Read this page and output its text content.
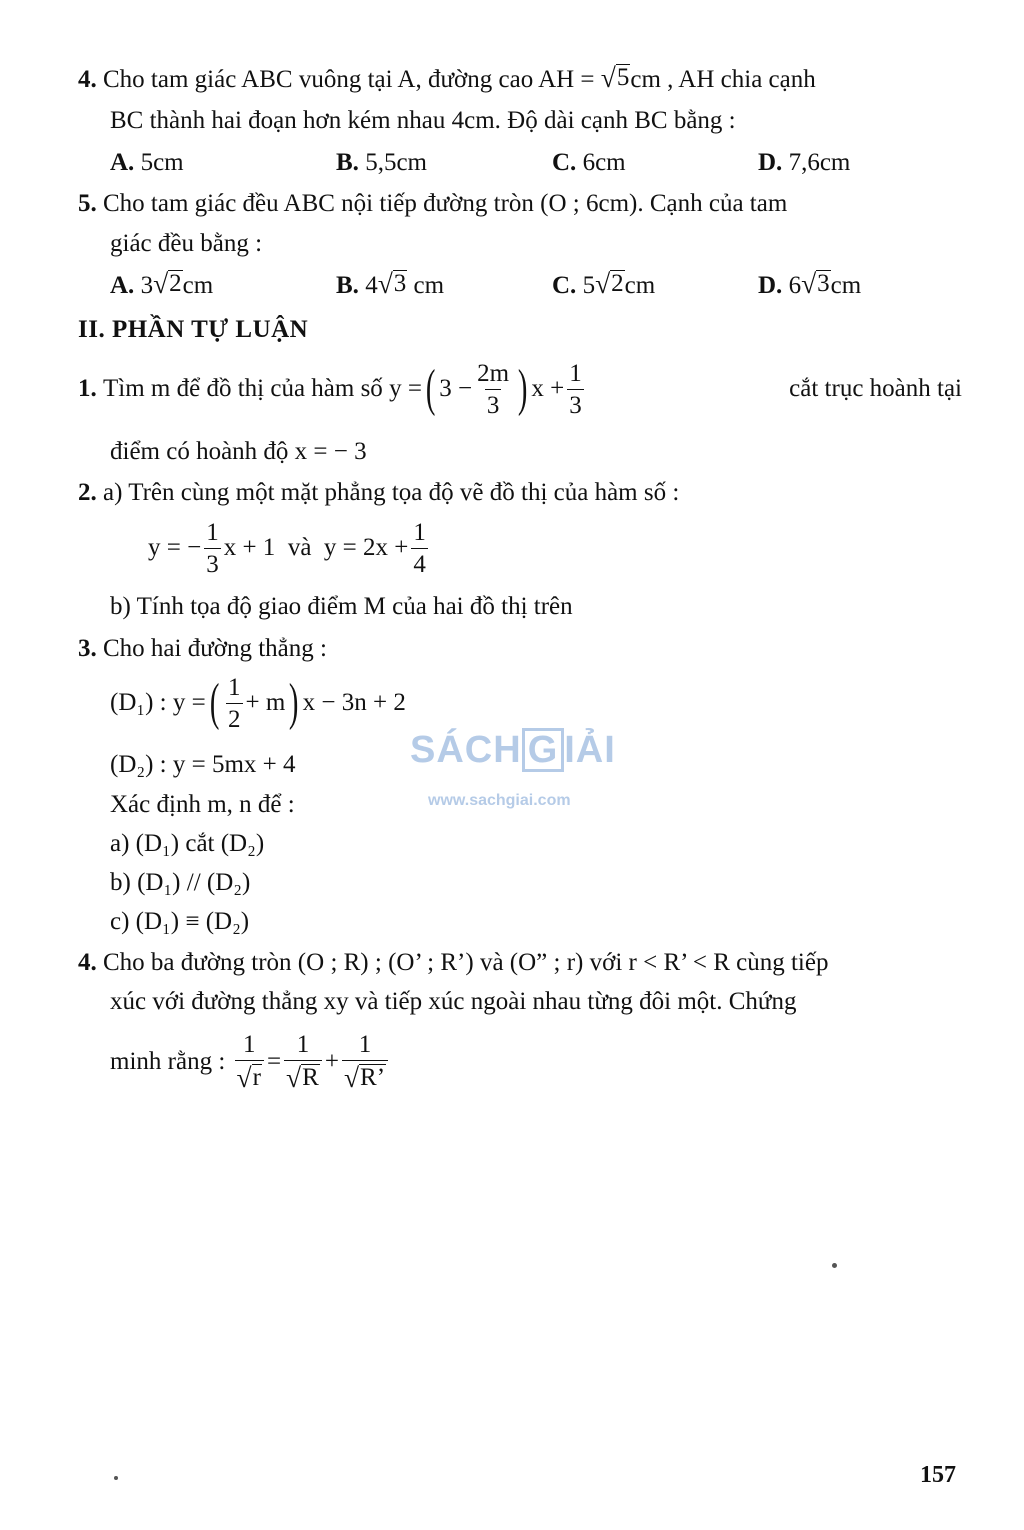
4. Cho tam giác ABC vuông tại A, đường cao AH = √ 5 cm , AH chia cạnh
BC thành hai đoạn hơn kém nhau 4cm. Độ dài cạnh BC bằng :
A. 5cm	B. 5,5cm	C. 6cm	D. 7,6cm
5. Cho tam giác đều ABC nội tiếp đường tròn (O ; 6cm). Cạnh của tam
giác đều bằng :
A. 3 √ 2 cm	B. 4 √ 3 cm	C. 5 √ 2 cm	D. 6 √ 3 cm
II. PHẦN TỰ LUẬN
1.
Tìm m để đồ thị của hàm số
y = ( $3 - \frac{2m}{3}$ ) $x + \frac{1}{3}$	cắt trục hoành tại
điểm có hoành độ x = − 3
2. a) Trên cùng một mặt phẳng tọa độ vẽ đồ thị của hàm số :
y = − $\frac{1}{3}$ x + 1
và
$y = 2x + \frac{1}{4}$
b) Tính tọa độ giao điểm M của hai đồ thị trên
3. Cho hai đường thẳng :
(D₁) : y = ( $\frac{1}{2} + m$ ) x − 3n + 2
(D₂) : y = 5mx + 4
Xác định m, n để :
a) (D₁) cắt (D₂)
b) (D₁) // (D₂)
c) (D₁) ≡ (D₂)
4. Cho ba đường tròn (O ; R) ; (O’ ; R’) và (O” ; r) với r < R’ < R cùng tiếp
xúc với đường thẳng xy và tiếp xúc ngoài nhau từng đôi một. Chứng
minh rằng :
$\frac{1}{√ r} = \frac{1}{√ R} + \frac{1}{√ R’}$
SÁCH G IẢI
www.sachgiai.com
157
